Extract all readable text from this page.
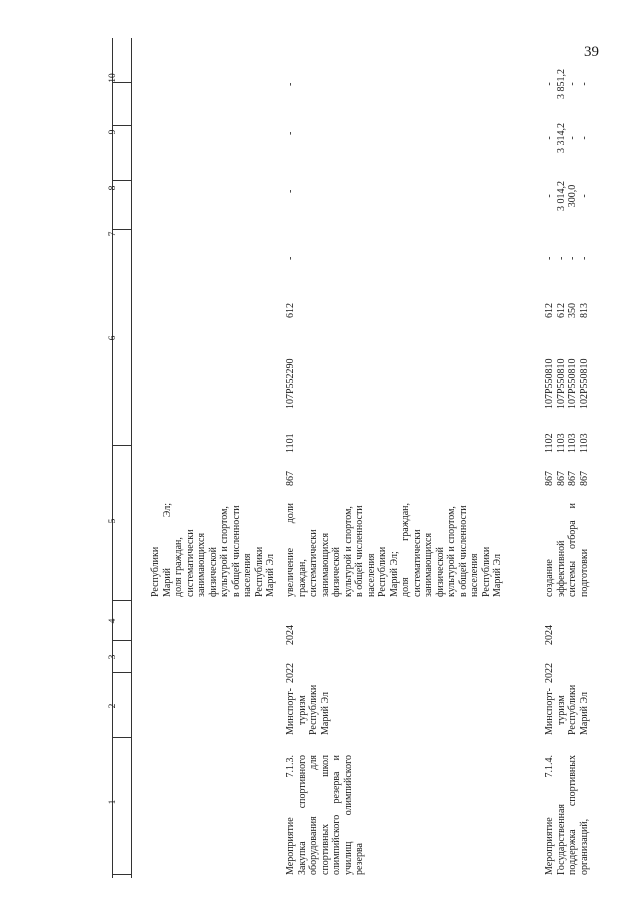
39
1
2
3
4
5
6
7
8
9
10
Республики Марий Эл; доля граждан, систематически занимающихся физической культурой и спортом, в общей численности населения Республики Марий Эл
Мероприятие 7.1.3. Закупка спортивного оборудования для спортивных школ олимпийского резерва и училищ олимпийского резерва
Минспорт- туризм Республики Марий Эл
2022
2024
увеличение доли граждан, систематически занимающихся физической культурой и спортом, в общей численности населения Республики Марий Эл; доля граждан, систематически занимающихся физической культурой и спортом, в общей численности населения Республики Марий Эл
867
1101
107P552290
612
-
-
-
-
Мероприятие 7.1.4. Государственная поддержка спортивных организаций,
Минспорт- туризм Республики Марий Эл
2022
2024
создание эффективной системы отбора и подготовки
867 867 867 867
1102 1103 1103 1103
107P550810 107P550810 107P550810 102P550810
612 612 350 813
- - - -
- 3 014,2 300,0 -
- 3 314,2 - -
- 3 851,2 - -
